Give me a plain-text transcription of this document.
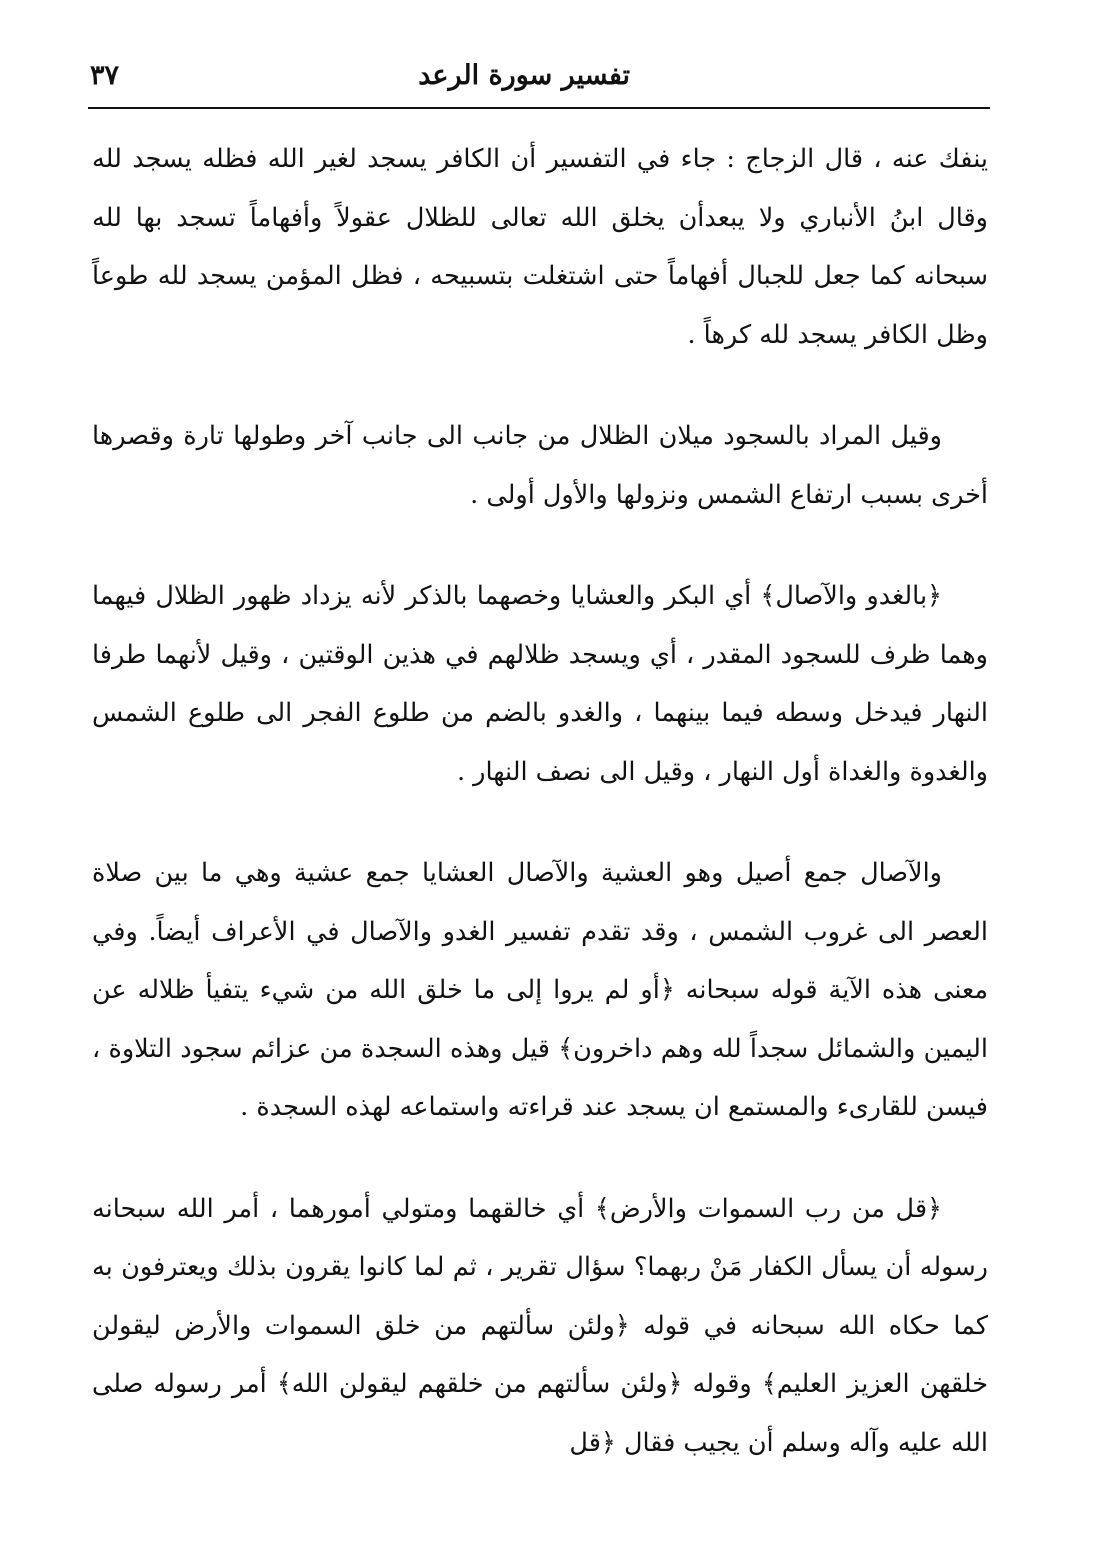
تفسير سورة الرعد
٣٧

ينفك عنه ، قال الزجاج : جاء في التفسير أن الكافر يسجد لغير الله فظله يسجد لله وقال ابنُ الأنباري ولا يبعدأن يخلق الله تعالى للظلال عقولاً وأفهاماً تسجد بها لله سبحانه كما جعل للجبال أفهاماً حتى اشتغلت بتسبيحه ، فظل المؤمن يسجد لله طوعاً وظل الكافر يسجد لله كرهاً .

وقيل المراد بالسجود ميلان الظلال من جانب الى جانب آخر وطولها تارة وقصرها أخرى بسبب ارتفاع الشمس ونزولها والأول أولى .

﴿بالغدو والآصال﴾ أي البكر والعشايا وخصهما بالذكر لأنه يزداد ظهور الظلال فيهما وهما ظرف للسجود المقدر ، أي ويسجد ظلالهم في هذين الوقتين ، وقيل لأنهما طرفا النهار فيدخل وسطه فيما بينهما ، والغدو بالضم من طلوع الفجر الى طلوع الشمس والغدوة والغداة أول النهار ، وقيل الى نصف النهار .

والآصال جمع أصيل وهو العشية والآصال العشايا جمع عشية وهي ما بين صلاة العصر الى غروب الشمس ، وقد تقدم تفسير الغدو والآصال في الأعراف أيضاً. وفي معنى هذه الآية قوله سبحانه ﴿أو لم يروا إلى ما خلق الله من شيء يتفيأ ظلاله عن اليمين والشمائل سجداً لله وهم داخرون﴾ قيل وهذه السجدة من عزائم سجود التلاوة ، فيسن للقارىء والمستمع ان يسجد عند قراءته واستماعه لهذه السجدة .

﴿قل من رب السموات والأرض﴾ أي خالقهما ومتولي أمورهما ، أمر الله سبحانه رسوله أن يسأل الكفار مَنْ ربهما؟ سؤال تقرير ، ثم لما كانوا يقرون بذلك ويعترفون به كما حكاه الله سبحانه في قوله ﴿ولئن سألتهم من خلق السموات والأرض ليقولن خلقهن العزيز العليم﴾ وقوله ﴿ولئن سألتهم من خلقهم ليقولن الله﴾ أمر رسوله صلى الله عليه وآله وسلم أن يجيب فقال ﴿قل
